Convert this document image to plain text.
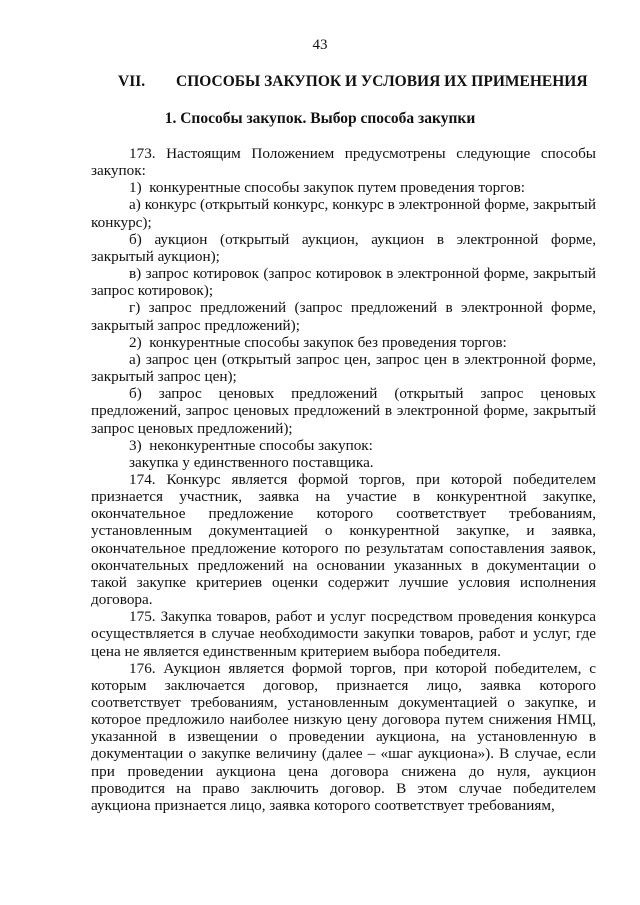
43
VII.	СПОСОБЫ ЗАКУПОК И УСЛОВИЯ ИХ ПРИМЕНЕНИЯ
1. Способы закупок. Выбор способа закупки

173. Настоящим Положением предусмотрены следующие способы закупок:

1)  конкурентные способы закупок путем проведения торгов:

а) конкурс (открытый конкурс, конкурс в электронной форме, закрытый конкурс);

б) аукцион (открытый аукцион, аукцион в электронной форме, закрытый аукцион);

в) запрос котировок (запрос котировок в электронной форме, закрытый запрос котировок);

г) запрос предложений (запрос предложений в электронной форме, закрытый запрос предложений);

2)  конкурентные способы закупок без проведения торгов:

а) запрос цен (открытый запрос цен, запрос цен в электронной форме, закрытый запрос цен);

б) запрос ценовых предложений (открытый запрос ценовых предложений, запрос ценовых предложений в электронной форме, закрытый запрос ценовых предложений);

3)  неконкурентные способы закупок:

закупка у единственного поставщика.

174. Конкурс является формой торгов, при которой победителем признается участник, заявка на участие в конкурентной закупке, окончательное предложение которого соответствует требованиям, установленным документацией о конкурентной закупке, и заявка, окончательное предложение которого по результатам сопоставления заявок, окончательных предложений на основании указанных в документации о такой закупке критериев оценки содержит лучшие условия исполнения договора.

175. Закупка товаров, работ и услуг посредством проведения конкурса осуществляется в случае необходимости закупки товаров, работ и услуг, где цена не является единственным критерием выбора победителя.

176. Аукцион является формой торгов, при которой победителем, с которым заключается договор, признается лицо, заявка которого соответствует требованиям, установленным документацией о закупке, и которое предложило наиболее низкую цену договора путем снижения НМЦ, указанной в извещении о проведении аукциона, на установленную в документации о закупке величину (далее – «шаг аукциона»). В случае, если при проведении аукциона цена договора снижена до нуля, аукцион проводится на право заключить договор. В этом случае победителем аукциона признается лицо, заявка которого соответствует требованиям,
